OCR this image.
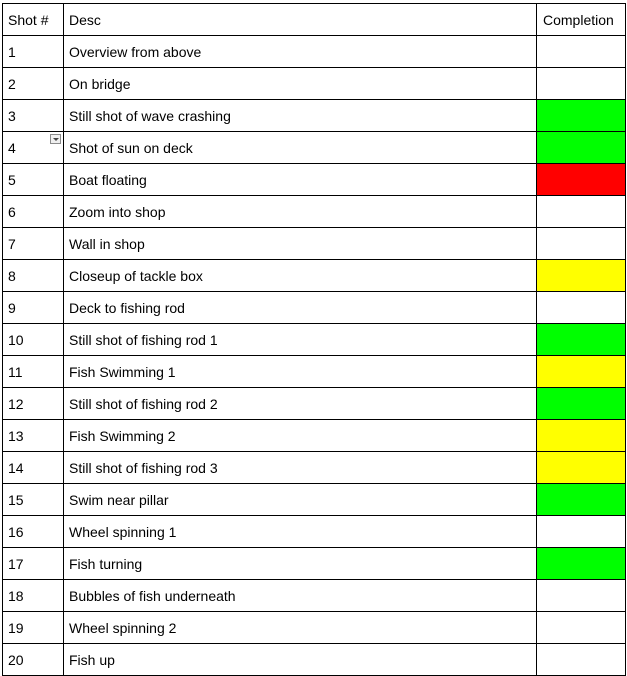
Shot #	Desc	Completion
1	Overview from above	
2	On bridge	
3	Still shot of wave crashing	
4	Shot of sun on deck	
5	Boat floating	
6	Zoom into shop	
7	Wall in shop	
8	Closeup of tackle box	
9	Deck to fishing rod	
10	Still shot of fishing rod 1	
11	Fish Swimming 1	
12	Still shot of fishing rod 2	
13	Fish Swimming 2	
14	Still shot of fishing rod 3	
15	Swim near pillar	
16	Wheel spinning 1	
17	Fish turning	
18	Bubbles of fish underneath	
19	Wheel spinning 2	
20	Fish up	
